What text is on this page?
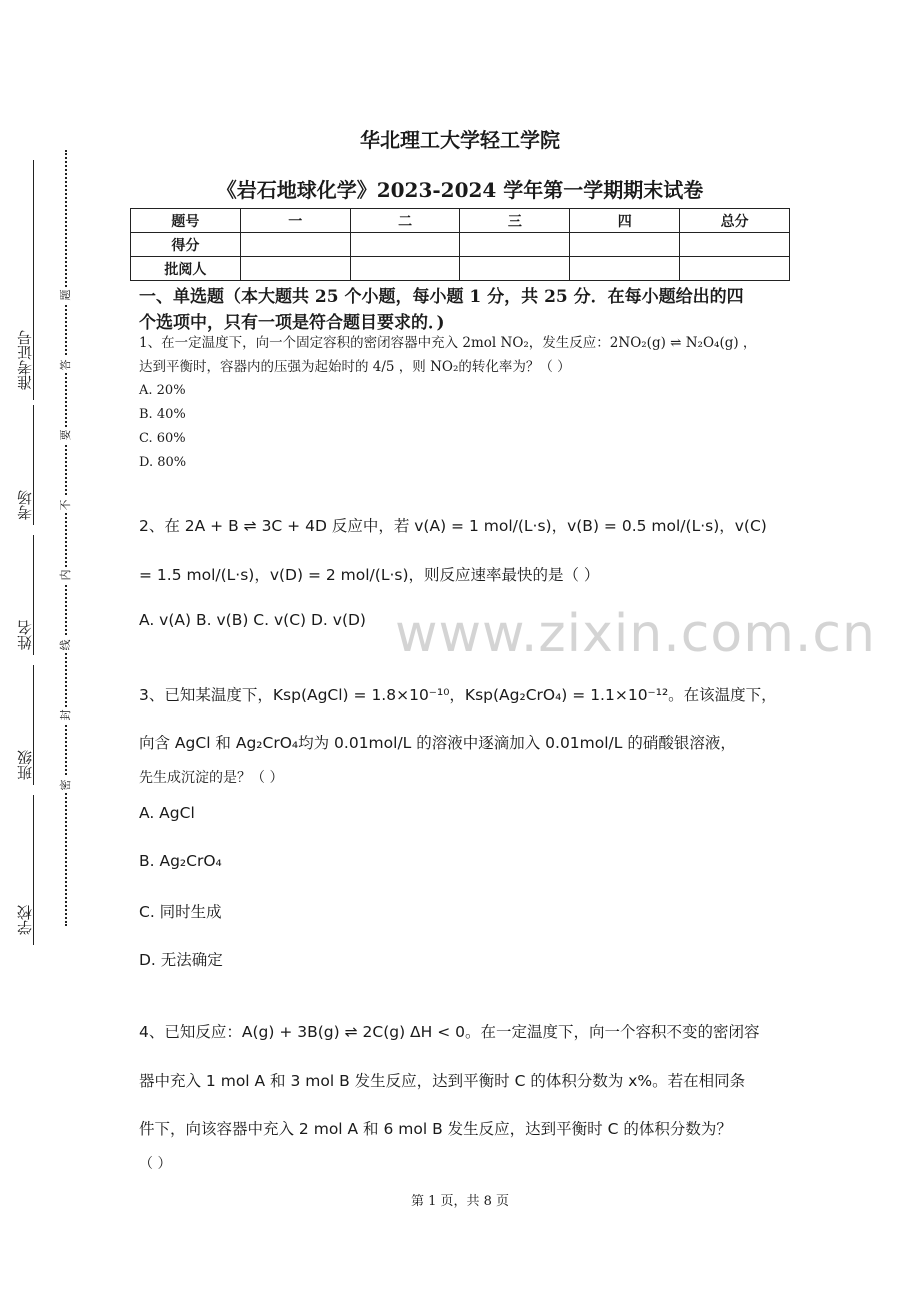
准考证号
考场
姓名
班级
学校
题
答
要
不
内
线
封
密
华北理工大学轻工学院
《岩石地球化学》2023-2024 学年第一学期期末试卷
题号	一	二	三	四	总分
得分					
批阅人					
一、单选题（本大题共 25 个小题，每小题 1 分，共 25 分．在每小题给出的四
个选项中，只有一项是符合题目要求的．)
1、在一定温度下，向一个固定容积的密闭容器中充入 2mol NO₂，发生反应：2NO₂(g) ⇌ N₂O₄(g) ，
达到平衡时，容器内的压强为起始时的 4/5 ，则 NO₂的转化率为？（ ）
A. 20%
B. 40%
C. 60%
D. 80%
2、在 2A + B ⇌ 3C + 4D 反应中，若 v(A) = 1 mol/(L·s)，v(B) = 0.5 mol/(L·s)，v(C)
= 1.5 mol/(L·s)，v(D) = 2 mol/(L·s)，则反应速率最快的是（ ）
A. v(A) B. v(B) C. v(C) D. v(D) www.zixin.com.cn
3、已知某温度下，Ksp(AgCl) = 1.8×10⁻¹⁰，Ksp(Ag₂CrO₄) = 1.1×10⁻¹²。在该温度下，
向含 AgCl 和 Ag₂CrO₄均为 0.01mol/L 的溶液中逐滴加入 0.01mol/L 的硝酸银溶液，
先生成沉淀的是？（ ）
A. AgCl
B. Ag₂CrO₄
C. 同时生成
D. 无法确定
4、已知反应：A(g) + 3B(g) ⇌ 2C(g) ΔH < 0。在一定温度下，向一个容积不变的密闭容
器中充入 1 mol A 和 3 mol B 发生反应，达到平衡时 C 的体积分数为 x%。若在相同条
件下，向该容器中充入 2 mol A 和 6 mol B 发生反应，达到平衡时 C 的体积分数为？
（ ）
第 1 页，共 8 页
